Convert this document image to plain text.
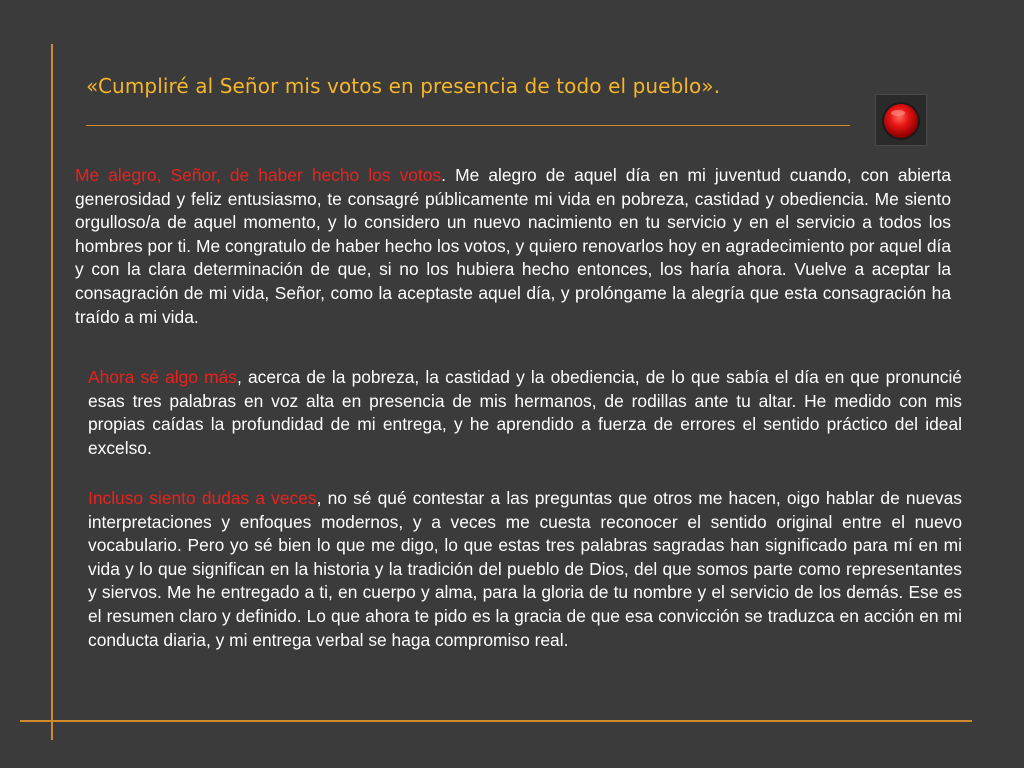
«Cumpliré al Señor mis votos en presencia de todo el pueblo».

Me alegro, Señor, de haber hecho los votos. Me alegro de aquel día en mi juventud cuando, con abierta generosidad y feliz entusiasmo, te consagré públicamente mi vida en pobreza, castidad y obediencia. Me siento orgulloso/a de aquel momento, y lo considero un nuevo nacimiento en tu servicio y en el servicio a todos los hombres por ti. Me congratulo de haber hecho los votos, y quiero renovarlos hoy en agradecimiento por aquel día y con la clara determinación de que, si no los hubiera hecho entonces, los haría ahora. Vuelve a aceptar la consagración de mi vida, Señor, como la aceptaste aquel día, y prolóngame la alegría que esta consagración ha traído a mi vida.

Ahora sé algo más, acerca de la pobreza, la castidad y la obediencia, de lo que sabía el día en que pronuncié esas tres palabras en voz alta en presencia de mis hermanos, de rodillas ante tu altar. He medido con mis propias caídas la profundidad de mi entrega, y he aprendido a fuerza de errores el sentido práctico del ideal excelso.

Incluso siento dudas a veces, no sé qué contestar a las preguntas que otros me hacen, oigo hablar de nuevas interpretaciones y enfoques modernos, y a veces me cuesta reconocer el sentido original entre el nuevo vocabulario. Pero yo sé bien lo que me digo, lo que estas tres palabras sagradas han significado para mí en mi vida y lo que significan en la historia y la tradición del pueblo de Dios, del que somos parte como representantes y siervos. Me he entregado a ti, en cuerpo y alma, para la gloria de tu nombre y el servicio de los demás. Ese es el resumen claro y definido. Lo que ahora te pido es la gracia de que esa convicción se traduzca en acción en mi conducta diaria, y mi entrega verbal se haga compromiso real.
